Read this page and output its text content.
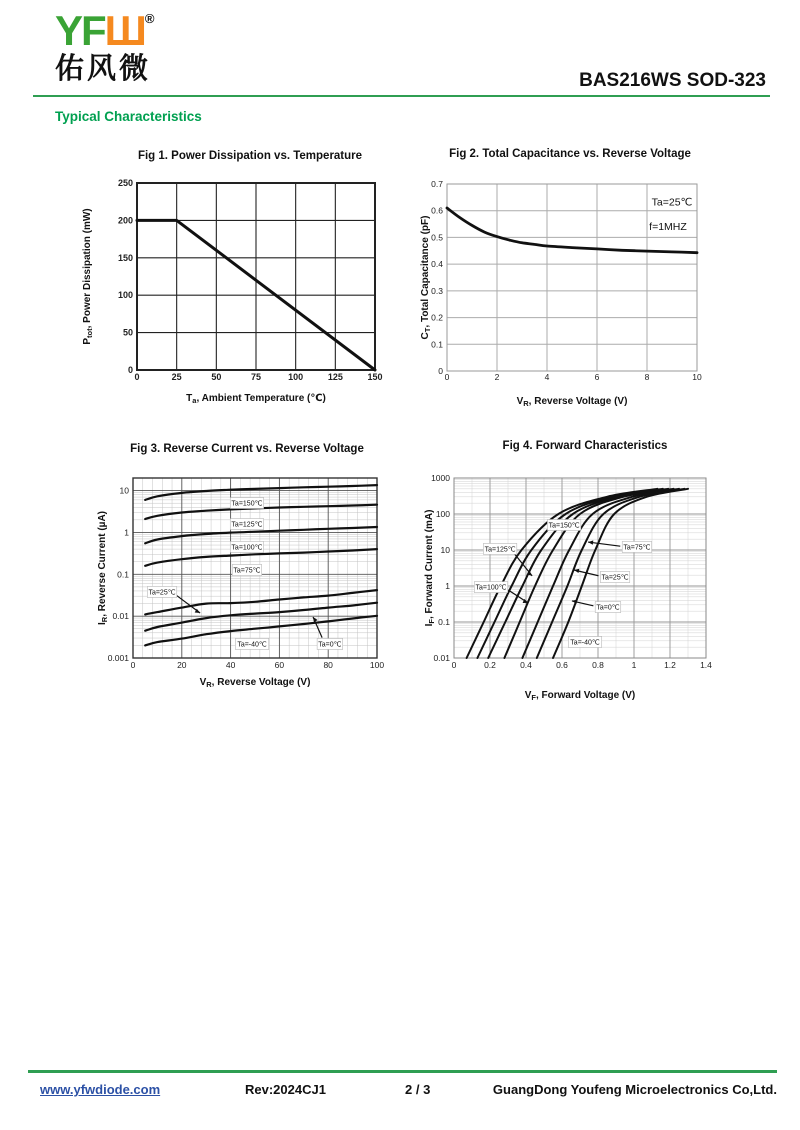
YFШ®
佑风微	BAS216WS SOD-323
Typical Characteristics
Fig 1. Power Dissipation vs. Temperature
0	25	50	75	100	125	150
0
50
100
150
200
250
$T_a$, Ambient Temperature (℃)
$P_{tot}$, Power Dissipation (mW)
Fig 2. Total Capacitance vs. Reverse Voltage
0	2	4	6	8	10
0
0.1
0.2
0.3
0.4
0.5
0.6
0.7
$V_R$, Reverse Voltage (V)
$C_T$, Total Capacitance (pF)
Ta=25℃
f=1MHZ
Fig 3. Reverse Current vs. Reverse Voltage
0	20	40	60	80	100
0.001
0.01
0.1
1
10
$V_R$, Reverse Voltage (V)
$I_R$, Reverse Current (µA)
Ta=150℃
Ta=125℃
Ta=100℃
Ta=75℃
Ta=25℃
Ta=-40℃	Ta=0℃
Fig 4. Forward Characteristics
0	0.2	0.4	0.6	0.8	1	1.2	1.4
0.01
0.1
1
10
100
1000
$V_F$, Forward Voltage (V)
$I_F$, Forward Current (mA)	Ta=150℃
Ta=75℃
Ta=125℃
Ta=100℃
Ta=25℃
Ta=0℃
Ta=-40℃
www.yfwdiode.com	Rev:2024CJ1	2 / 3	GuangDong Youfeng Microelectronics Co,Ltd.
